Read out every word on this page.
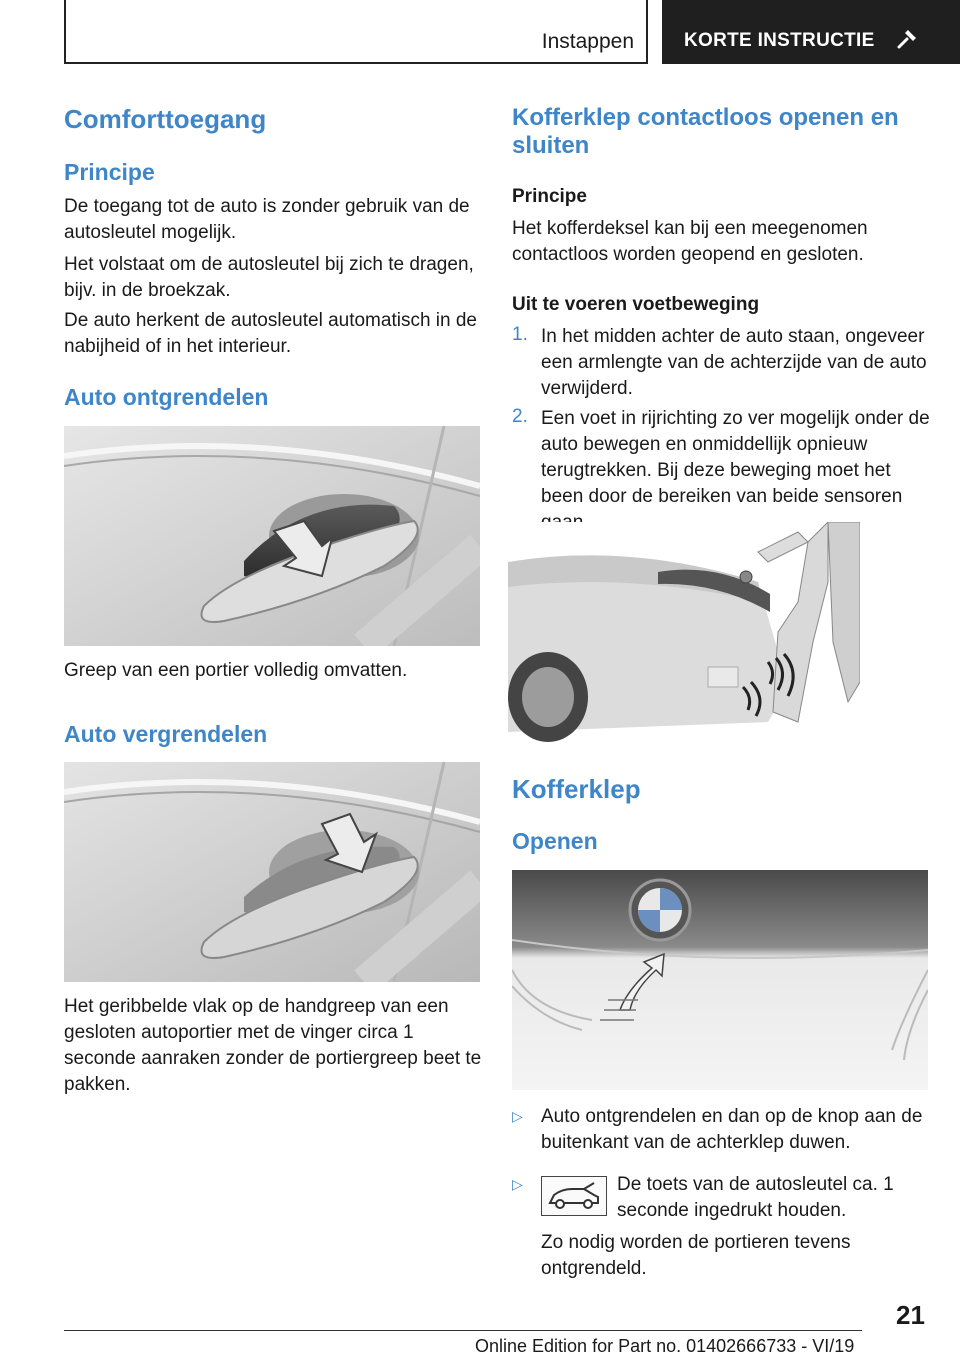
Instappen	KORTE INSTRUCTIE
Comforttoegang
Principe

De toegang tot de auto is zonder gebruik van de autosleutel mogelijk.

Het volstaat om de autosleutel bij zich te dragen, bijv. in de broekzak.

De auto herkent de autosleutel automatisch in de nabijheid of in het interieur.

Auto ontgrendelen

Greep van een portier volledig omvatten.

Auto vergrendelen

Het geribbelde vlak op de handgreep van een gesloten autoportier met de vinger circa 1 seconde aanraken zonder de portiergreep beet te pakken.

Kofferklep contactloos openen en sluiten
Principe

Het kofferdeksel kan bij een meegenomen contactloos worden geopend en gesloten.

Uit te voeren voetbeweging
1. In het midden achter de auto staan, ongeveer een armlengte van de achterzijde van de auto verwijderd.

2. Een voet in rijrichting zo ver mogelijk onder de auto bewegen en onmiddellijk opnieuw terugtrekken. Bij deze beweging moet het been door de bereiken van beide sensoren

Kofferklep
Openen
▷ Auto ontgrendelen en dan op de knop aan de buitenkant van de achterklep duwen.

▷	De toets van de autosleutel ca. 1 seconde ingedrukt houden.

Zo nodig worden de portieren tevens ontgrendeld.

21
Online Edition for Part no. 01402666733 - VI/19
